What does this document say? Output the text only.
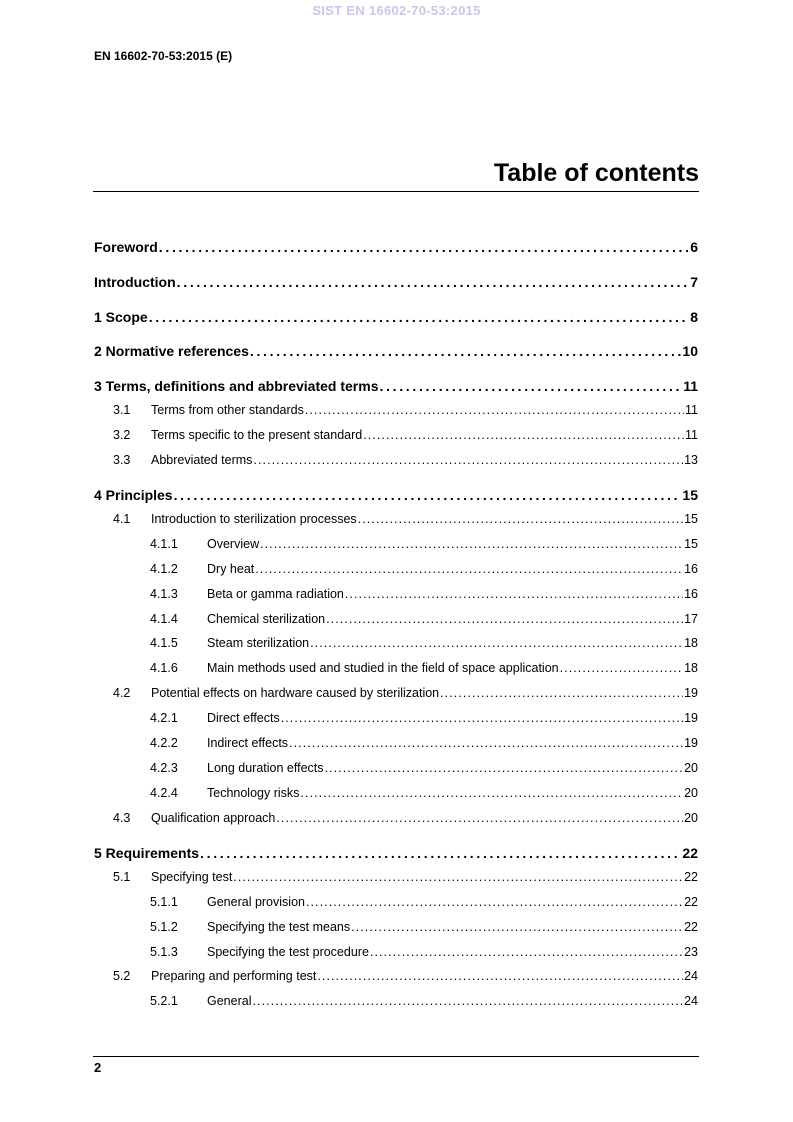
SIST EN 16602-70-53:2015
EN 16602-70-53:2015 (E)
Table of contents
Foreword . . .	6
Introduction . . .	7
1 Scope . . .	8
2 Normative references . . .	10
3 Terms, definitions and abbreviated terms . . .	11
3.1	Terms from other standards . . .	11
3.2	Terms specific to the present standard . . .	11
3.3	Abbreviated terms . . .	13
4 Principles . . .	15
4.1	Introduction to sterilization processes . . .	15
4.1.1	Overview . . .	15
4.1.2	Dry heat . . .	16
4.1.3	Beta or gamma radiation . . .	16
4.1.4	Chemical sterilization . . .	17
4.1.5	Steam sterilization . . .	18
4.1.6	Main methods used and studied in the field of space application . . .	18
4.2	Potential effects on hardware caused by sterilization . . .	19
4.2.1	Direct effects . . .	19
4.2.2	Indirect effects . . .	19
4.2.3	Long duration effects . . .	20
4.2.4	Technology risks . . .	20
4.3	Qualification approach . . .	20
5 Requirements . . .	22
5.1	Specifying test . . .	22
5.1.1	General provision . . .	22
5.1.2	Specifying the test means . . .	22
5.1.3	Specifying the test procedure . . .	23
5.2	Preparing and performing test . . .	24
5.2.1	General . . .	24
2
